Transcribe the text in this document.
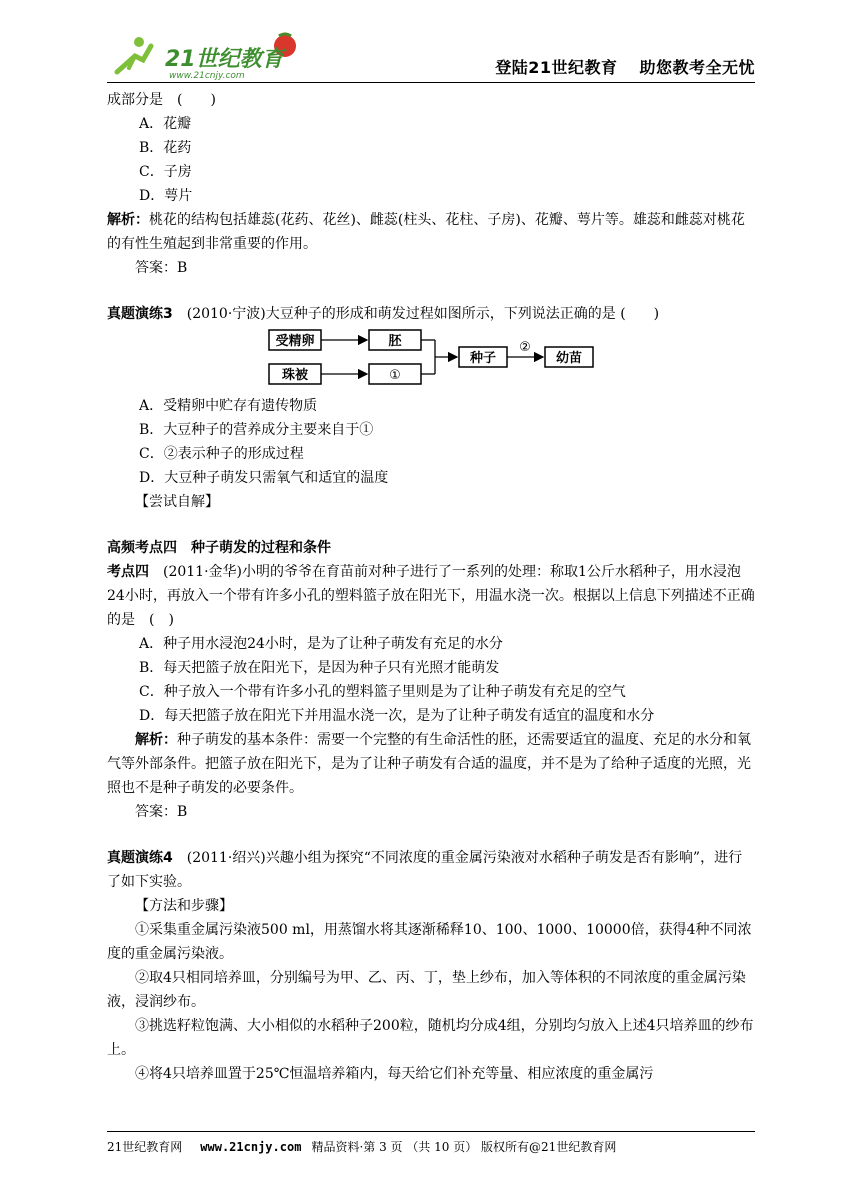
21世纪教育
www.21cnjy.com	登陆21世纪教育 助您教考全无忧

成部分是　(　　)

A．花瓣

B．花药

C．子房

D．萼片

解析：桃花的结构包括雄蕊(花药、花丝)、雌蕊(柱头、花柱、子房)、花瓣、萼片等。雄蕊和雌蕊对桃花的有性生殖起到非常重要的作用。

答案：B

真题演练3　 (2010·宁波)大豆种子的形成和萌发过程如图所示，下列说法正确的是 (　　)

受精卵	胚
珠被	①
种子
②
幼苗

A．受精卵中贮存有遗传物质

B．大豆种子的营养成分主要来自于①

C．②表示种子的形成过程

D．大豆种子萌发只需氧气和适宜的温度

【尝试自解】

高频考点四　种子萌发的过程和条件

考点四　 (2011·金华)小明的爷爷在育苗前对种子进行了一系列的处理：称取1公斤水稻种子，用水浸泡24小时，再放入一个带有许多小孔的塑料篮子放在阳光下，用温水浇一次。根据以上信息下列描述不正确的是　(　)

A．种子用水浸泡24小时，是为了让种子萌发有充足的水分

B．每天把篮子放在阳光下，是因为种子只有光照才能萌发

C．种子放入一个带有许多小孔的塑料篮子里则是为了让种子萌发有充足的空气

D．每天把篮子放在阳光下并用温水浇一次，是为了让种子萌发有适宜的温度和水分

解析：种子萌发的基本条件：需要一个完整的有生命活性的胚，还需要适宜的温度、充足的水分和氧气等外部条件。把篮子放在阳光下，是为了让种子萌发有合适的温度，并不是为了给种子适度的光照，光照也不是种子萌发的必要条件。

答案：B

真题演练4　 (2011·绍兴)兴趣小组为探究“不同浓度的重金属污染液对水稻种子萌发是否有影响”，进行了如下实验。

【方法和步骤】

①采集重金属污染液500 ml，用蒸馏水将其逐渐稀释10、100、1000、10000倍，获得4种不同浓度的重金属污染液。

②取4只相同培养皿，分别编号为甲、乙、丙、丁，垫上纱布，加入等体积的不同浓度的重金属污染液，浸润纱布。

③挑选籽粒饱满、大小相似的水稻种子200粒，随机均分成4组，分别均匀放入上述4只培养皿的纱布上。

④将4只培养皿置于25℃恒温培养箱内，每天给它们补充等量、相应浓度的重金属污

21世纪教育网 www.21cnjy.com 精品资料·第 3 页 （共 10 页） 版权所有@21世纪教育网
